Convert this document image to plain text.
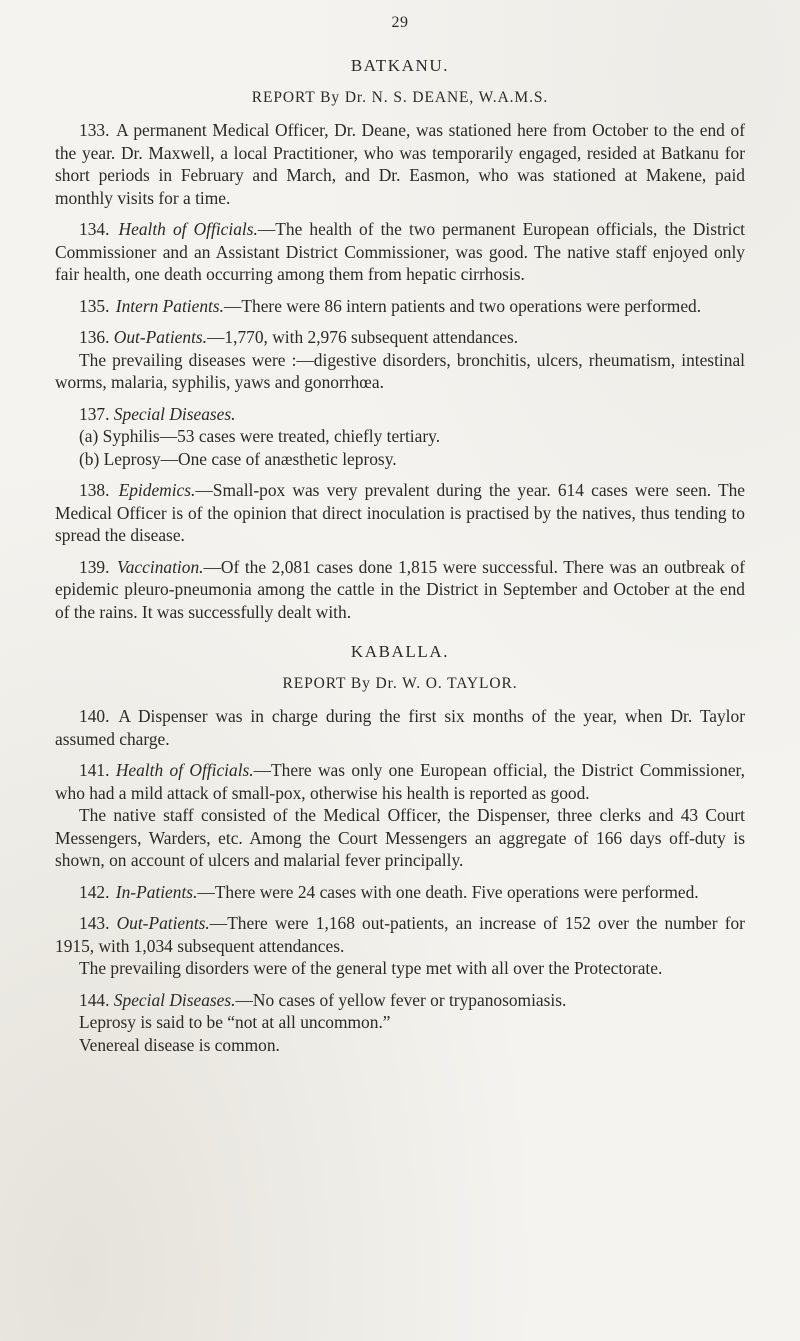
29
BATKANU.
REPORT By Dr. N. S. DEANE, W.A.M.S.

133. A permanent Medical Officer, Dr. Deane, was stationed here from October to the end of the year. Dr. Maxwell, a local Practitioner, who was temporarily engaged, resided at Batkanu for short periods in February and March, and Dr. Easmon, who was stationed at Makene, paid monthly visits for a time.

134. Health of Officials.—The health of the two permanent European officials, the District Commissioner and an Assistant District Commissioner, was good. The native staff enjoyed only fair health, one death occurring among them from hepatic cirrhosis.

135. Intern Patients.—There were 86 intern patients and two operations were performed.

136. Out-Patients.—1,770, with 2,976 subsequent attendances.

The prevailing diseases were :—digestive disorders, bronchitis, ulcers, rheumatism, intestinal worms, malaria, syphilis, yaws and gonorrhœa.

137. Special Diseases.

(a) Syphilis—53 cases were treated, chiefly tertiary.

(b) Leprosy—One case of anæsthetic leprosy.

138. Epidemics.—Small-pox was very prevalent during the year. 614 cases were seen. The Medical Officer is of the opinion that direct inoculation is practised by the natives, thus tending to spread the disease.

139. Vaccination.—Of the 2,081 cases done 1,815 were successful. There was an outbreak of epidemic pleuro-pneumonia among the cattle in the District in September and October at the end of the rains. It was successfully dealt with.

KABALLA.
REPORT By Dr. W. O. TAYLOR.

140. A Dispenser was in charge during the first six months of the year, when Dr. Taylor assumed charge.

141. Health of Officials.—There was only one European official, the District Commissioner, who had a mild attack of small-pox, otherwise his health is reported as good.

The native staff consisted of the Medical Officer, the Dispenser, three clerks and 43 Court Messengers, Warders, etc. Among the Court Messengers an aggregate of 166 days off-duty is shown, on account of ulcers and malarial fever principally.

142. In-Patients.—There were 24 cases with one death. Five operations were performed.

143. Out-Patients.—There were 1,168 out-patients, an increase of 152 over the number for 1915, with 1,034 subsequent attendances.

The prevailing disorders were of the general type met with all over the Protectorate.

144. Special Diseases.—No cases of yellow fever or trypanosomiasis.

Leprosy is said to be “not at all uncommon.”

Venereal disease is common.
